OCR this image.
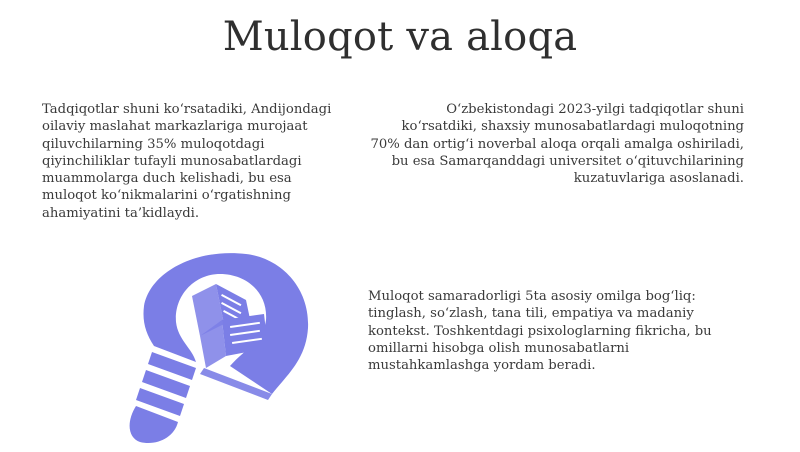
Muloqot va aloqa

Tadqiqotlar shuni ko‘rsatadiki, Andijondagi oilaviy maslahat markazlariga murojaat qiluvchilarning 35% muloqotdagi qiyinchiliklar tufayli munosabatlardagi muammolarga duch kelishadi, bu esa muloqot ko‘nikmalarini o‘rgatishning ahamiyatini ta’kidlaydi.

O‘zbekistondagi 2023-yilgi tadqiqotlar shuni ko‘rsatdiki, shaxsiy munosabatlardagi muloqotning 70% dan ortig‘i noverbal aloqa orqali amalga oshiriladi, bu esa Samarqanddagi universitet o‘qituvchilarining kuzatuvlariga asoslanadi.

Muloqot samaradorligi 5ta asosiy omilga bog‘liq: tinglash, so‘zlash, tana tili, empatiya va madaniy kontekst. Toshkentdagi psixologlarning fikricha, bu omillarni hisobga olish munosabatlarni mustahkamlashga yordam beradi.
